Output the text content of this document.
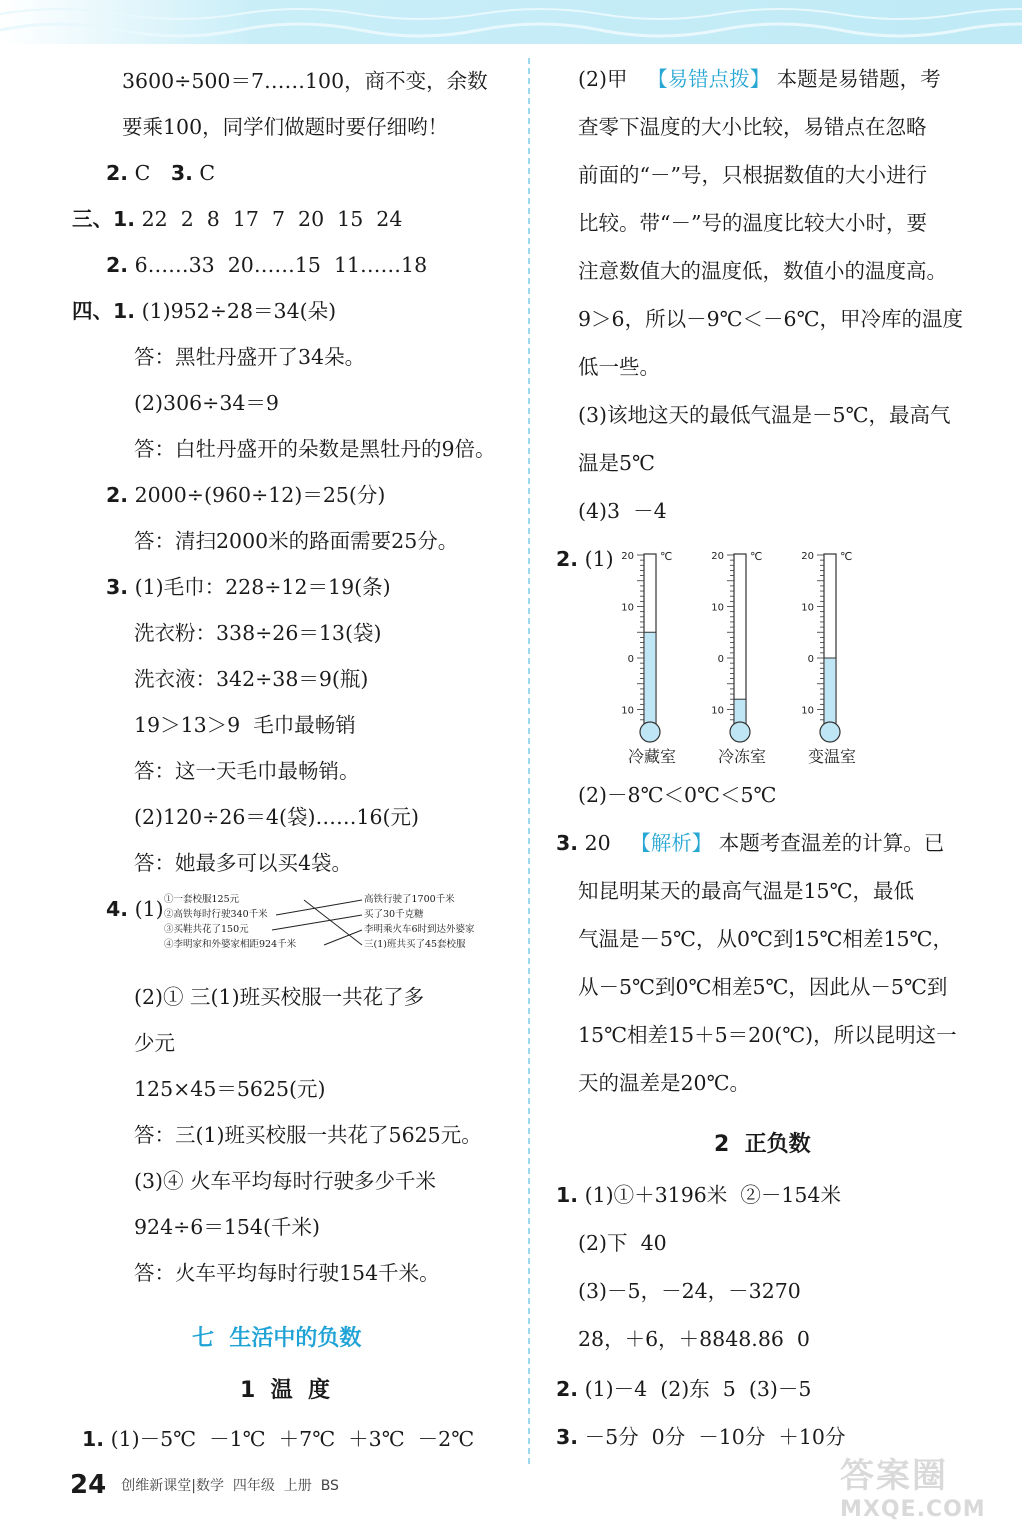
3600÷500＝7……100，商不变，余数
要乘100，同学们做题时要仔细哟！
2. C 3. C
三、1. 22  2  8  17  7  20  15  24
2. 6……33  20……15  11……18
四、1. (1)952÷28＝34(朵)
答：黑牡丹盛开了34朵。
(2)306÷34＝9
答：白牡丹盛开的朵数是黑牡丹的9倍。
2. 2000÷(960÷12)＝25(分)
答：清扫2000米的路面需要25分。
3. (1)毛巾：228÷12＝19(条)
洗衣粉：338÷26＝13(袋)
洗衣液：342÷38＝9(瓶)
19＞13＞9  毛巾最畅销
答：这一天毛巾最畅销。
(2)120÷26＝4(袋)……16(元)
答：她最多可以买4袋。
4. (1) ①一套校服125元
②高铁每时行驶340千米
③买鞋共花了150元
④李明家和外婆家相距924千米
高铁行驶了1700千米
买了30千克糖
李明乘火车6时到达外婆家
三(1)班共买了45套校服
(2)① 三(1)班买校服一共花了多
少元
125×45＝5625(元)
答：三(1)班买校服一共花了5625元。
(3)④ 火车平均每时行驶多少千米
924÷6＝154(千米)
答：火车平均每时行驶154千米。
七  生活中的负数
1  温  度
1. (1)－5℃  －1℃  ＋7℃  ＋3℃  －2℃
(2)甲   【易错点拨】 本题是易错题，考
查零下温度的大小比较，易错点在忽略
前面的“－”号，只根据数值的大小进行
比较。带“－”号的温度比较大小时，要
注意数值大的温度低，数值小的温度高。
9＞6，所以－9℃＜－6℃，甲冷库的温度
低一些。
(3)该地这天的最低气温是－5℃，最高气
温是5℃
(4)3  －4
2. (1) 20
10
0
10
℃
冷藏室
20
10
0
10
℃
冷冻室
20
10
0
10
℃
变温室
(2)－8℃＜0℃＜5℃
3. 20   【解析】 本题考查温差的计算。已
知昆明某天的最高气温是15℃，最低
气温是－5℃，从0℃到15℃相差15℃，
从－5℃到0℃相差5℃，因此从－5℃到
15℃相差15＋5＝20(℃)，所以昆明这一
天的温差是20℃。
2  正负数
1. (1)①＋3196米  ②－154米
(2)下  40
(3)－5，－24，－3270
28，＋6，＋8848.86  0
2. (1)－4  (2)东  5  (3)－5
3. －5分  0分  －10分  ＋10分
24 创维新课堂|数学  四年级  上册  BS	答案圈
MXQE.COM
